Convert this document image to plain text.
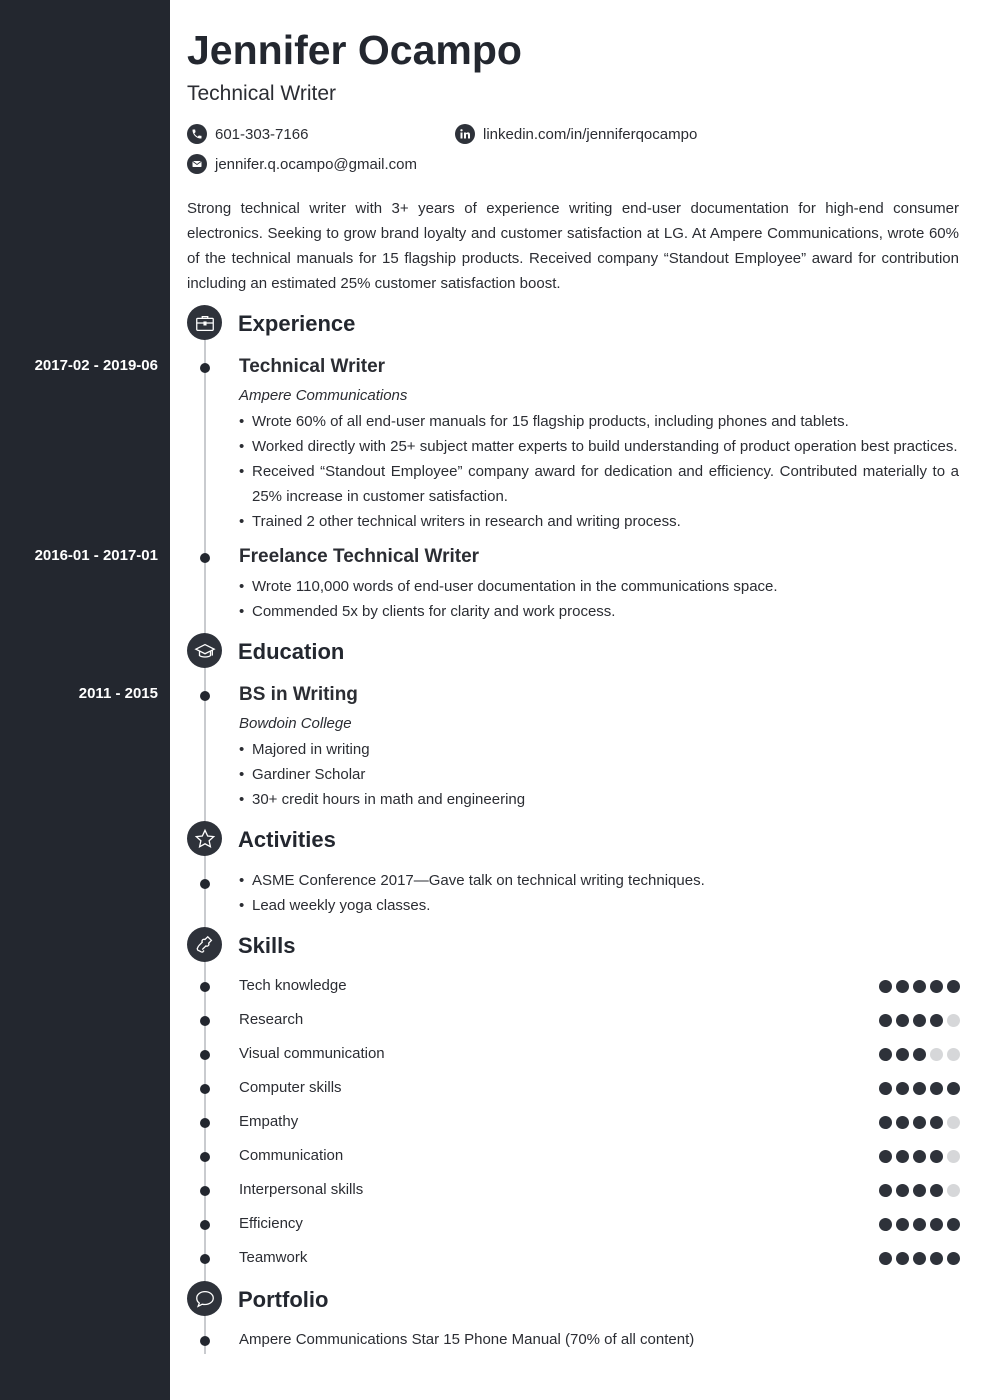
Jennifer Ocampo
Technical Writer
601-303-7166	linkedin.com/in/jenniferqocampo
jennifer.q.ocampo@gmail.com
Strong technical writer with 3+ years of experience writing end-user documentation for high-end consumer electronics. Seeking to grow brand loyalty and customer satisfaction at LG. At Ampere Communications, wrote 60% of the technical manuals for 15 flagship products. Received company “Standout Employee” award for contribution including an estimated 25% customer satisfaction boost.
Experience
2017-02 - 2019-06	Technical Writer
Ampere Communications
• Wrote 60% of all end-user manuals for 15 flagship products, including phones and tablets.
• Worked directly with 25+ subject matter experts to build understanding of product operation best practices.
• Received “Standout Employee” company award for dedication and efficiency. Contributed materially to a 25% increase in customer satisfaction.
• Trained 2 other technical writers in research and writing process.
2016-01 - 2017-01	Freelance Technical Writer
• Wrote 110,000 words of end-user documentation in the communications space.
• Commended 5x by clients for clarity and work process.
Education
2011 - 2015	BS in Writing
Bowdoin College
• Majored in writing
• Gardiner Scholar
• 30+ credit hours in math and engineering
Activities
• ASME Conference 2017—Gave talk on technical writing techniques.
• Lead weekly yoga classes.
Skills
Tech knowledge
Research
Visual communication
Computer skills
Empathy
Communication
Interpersonal skills
Efficiency
Teamwork
Portfolio
Ampere Communications Star 15 Phone Manual (70% of all content)
